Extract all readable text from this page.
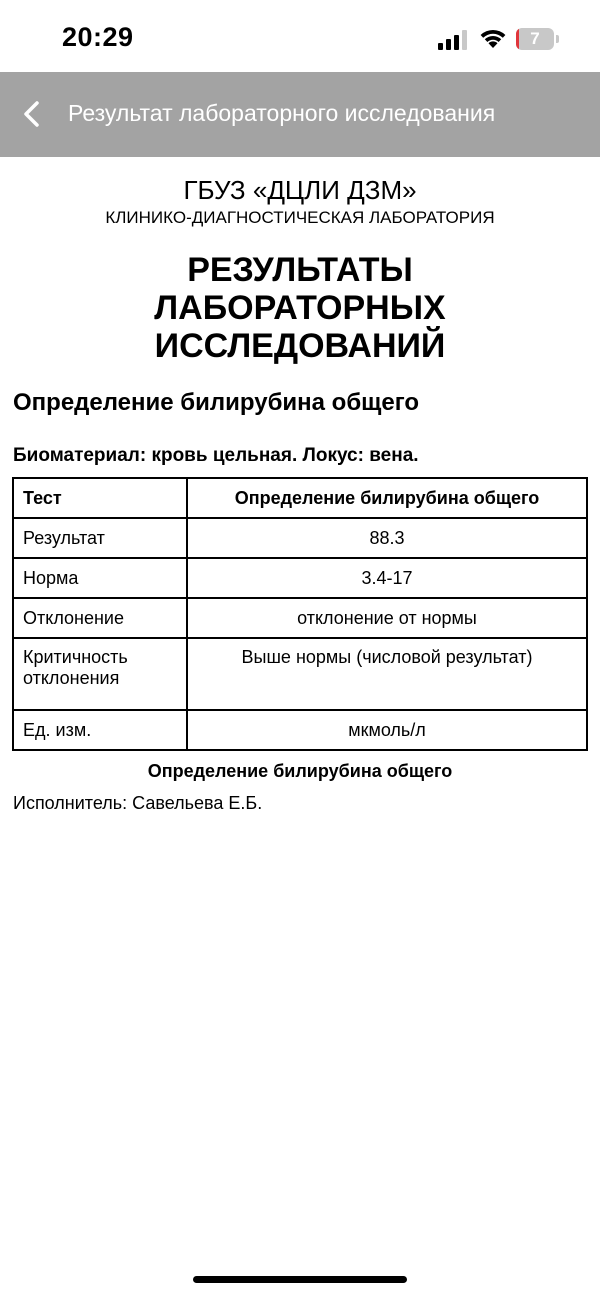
20:29	7
Результат лабораторного исследования
ГБУЗ «ДЦЛИ ДЗМ»
КЛИНИКО-ДИАГНОСТИЧЕСКАЯ ЛАБОРАТОРИЯ
РЕЗУЛЬТАТЫ ЛАБОРАТОРНЫХ ИССЛЕДОВАНИЙ
Определение билирубина общего
Биоматериал: кровь цельная. Локус: вена.
Тест	Определение билирубина общего
Результат	88.3
Норма	3.4-17
Отклонение	отклонение от нормы
Критичность отклонения	Выше нормы (числовой результат)
Ед. изм.	мкмоль/л
Определение билирубина общего
Исполнитель: Савельева Е.Б.
